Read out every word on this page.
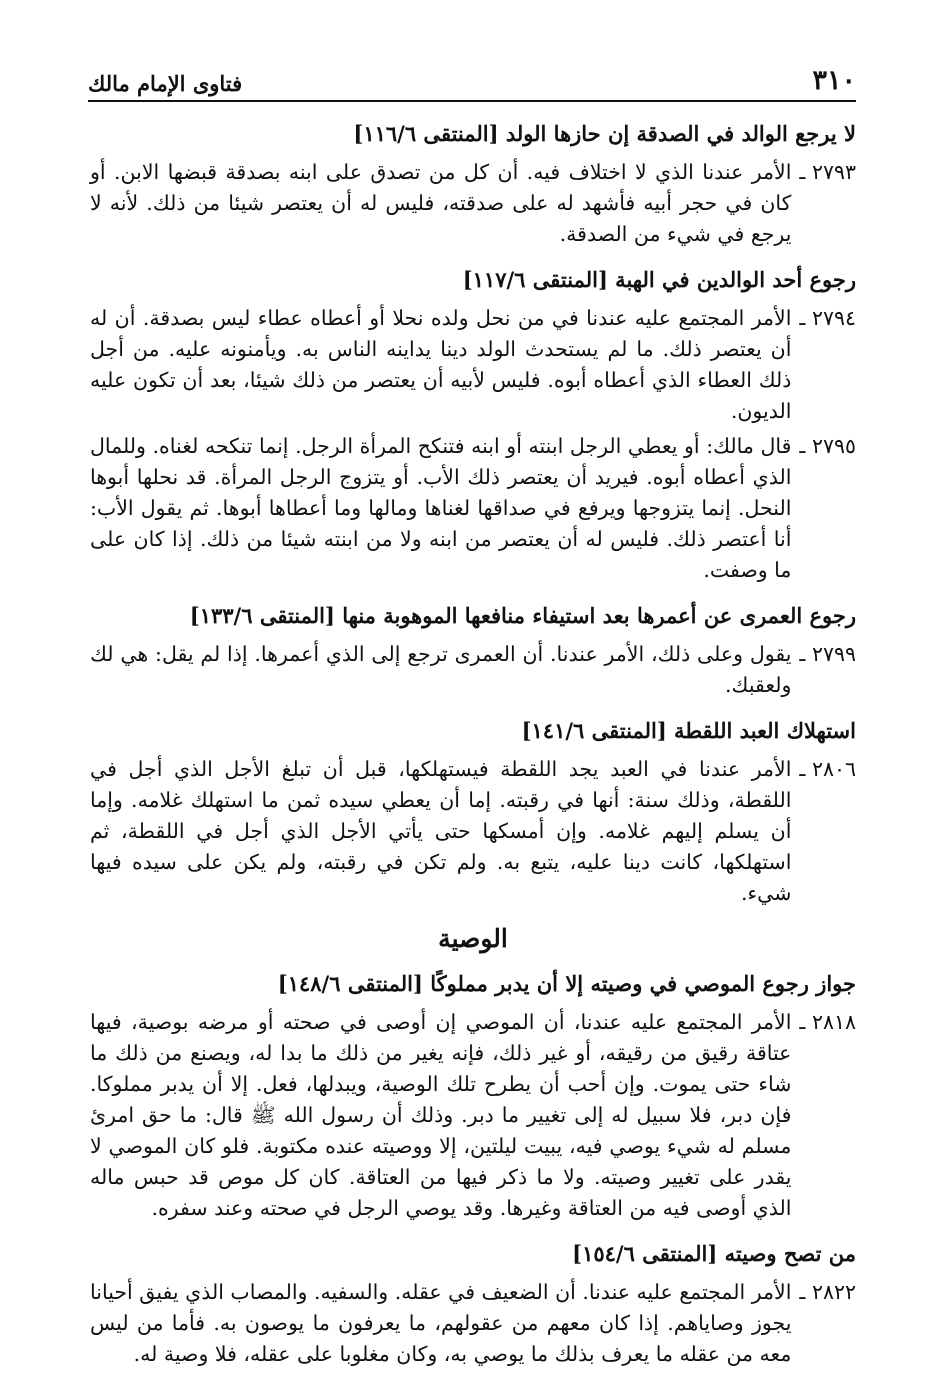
٣١٠
فتاوى الإمام مالك
لا يرجع الوالد في الصدقة إن حازها الولد [المنتقى ١١٦/٦]
٢٧٩٣ ـ
الأمر عندنا الذي لا اختلاف فيه. أن كل من تصدق على ابنه بصدقة قبضها الابن. أو كان في حجر أبيه فأشهد له على صدقته، فليس له أن يعتصر شيئا من ذلك. لأنه لا يرجع في شيء من الصدقة.
رجوع أحد الوالدين في الهبة [المنتقى ١١٧/٦]
٢٧٩٤ ـ
الأمر المجتمع عليه عندنا في من نحل ولده نحلا أو أعطاه عطاء ليس بصدقة. أن له أن يعتصر ذلك. ما لم يستحدث الولد دينا يداينه الناس به. ويأمنونه عليه. من أجل ذلك العطاء الذي أعطاه أبوه. فليس لأبيه أن يعتصر من ذلك شيئا، بعد أن تكون عليه الديون.
٢٧٩٥ ـ
قال مالك: أو يعطي الرجل ابنته أو ابنه فتنكح المرأة الرجل. إنما تنكحه لغناه. وللمال الذي أعطاه أبوه. فيريد أن يعتصر ذلك الأب. أو يتزوج الرجل المرأة. قد نحلها أبوها النحل. إنما يتزوجها ويرفع في صداقها لغناها ومالها وما أعطاها أبوها. ثم يقول الأب: أنا أعتصر ذلك. فليس له أن يعتصر من ابنه ولا من ابنته شيئا من ذلك. إذا كان على ما وصفت.
رجوع العمرى عن أعمرها بعد استيفاء منافعها الموهوبة منها [المنتقى ١٣٣/٦]
٢٧٩٩ ـ
يقول وعلى ذلك، الأمر عندنا. أن العمرى ترجع إلى الذي أعمرها. إذا لم يقل: هي لك ولعقبك.
استهلاك العبد اللقطة [المنتقى ١٤١/٦]
٢٨٠٦ ـ
الأمر عندنا في العبد يجد اللقطة فيستهلكها، قبل أن تبلغ الأجل الذي أجل في اللقطة، وذلك سنة: أنها في رقبته. إما أن يعطي سيده ثمن ما استهلك غلامه. وإما أن يسلم إليهم غلامه. وإن أمسكها حتى يأتي الأجل الذي أجل في اللقطة، ثم استهلكها، كانت دينا عليه، يتبع به. ولم تكن في رقبته، ولم يكن على سيده فيها شيء.
الوصية
جواز رجوع الموصي في وصيته إلا أن يدبر مملوكًا [المنتقى ١٤٨/٦]
٢٨١٨ ـ
الأمر المجتمع عليه عندنا، أن الموصي إن أوصى في صحته أو مرضه بوصية، فيها عتاقة رقيق من رقيقه، أو غير ذلك، فإنه يغير من ذلك ما بدا له، ويصنع من ذلك ما شاء حتى يموت. وإن أحب أن يطرح تلك الوصية، ويبدلها، فعل. إلا أن يدبر مملوكا. فإن دبر، فلا سبيل له إلى تغيير ما دبر. وذلك أن رسول الله ﷺ قال: ما حق امرئ مسلم له شيء يوصي فيه، يبيت ليلتين، إلا ووصيته عنده مكتوبة. فلو كان الموصي لا يقدر على تغيير وصيته. ولا ما ذكر فيها من العتاقة. كان كل موص قد حبس ماله الذي أوصى فيه من العتاقة وغيرها. وقد يوصي الرجل في صحته وعند سفره.
من تصح وصيته [المنتقى ١٥٤/٦]
٢٨٢٢ ـ
الأمر المجتمع عليه عندنا. أن الضعيف في عقله. والسفيه. والمصاب الذي يفيق أحيانا يجوز وصاياهم. إذا كان معهم من عقولهم، ما يعرفون ما يوصون به. فأما من ليس معه من عقله ما يعرف بذلك ما يوصي به، وكان مغلوبا على عقله، فلا وصية له.
